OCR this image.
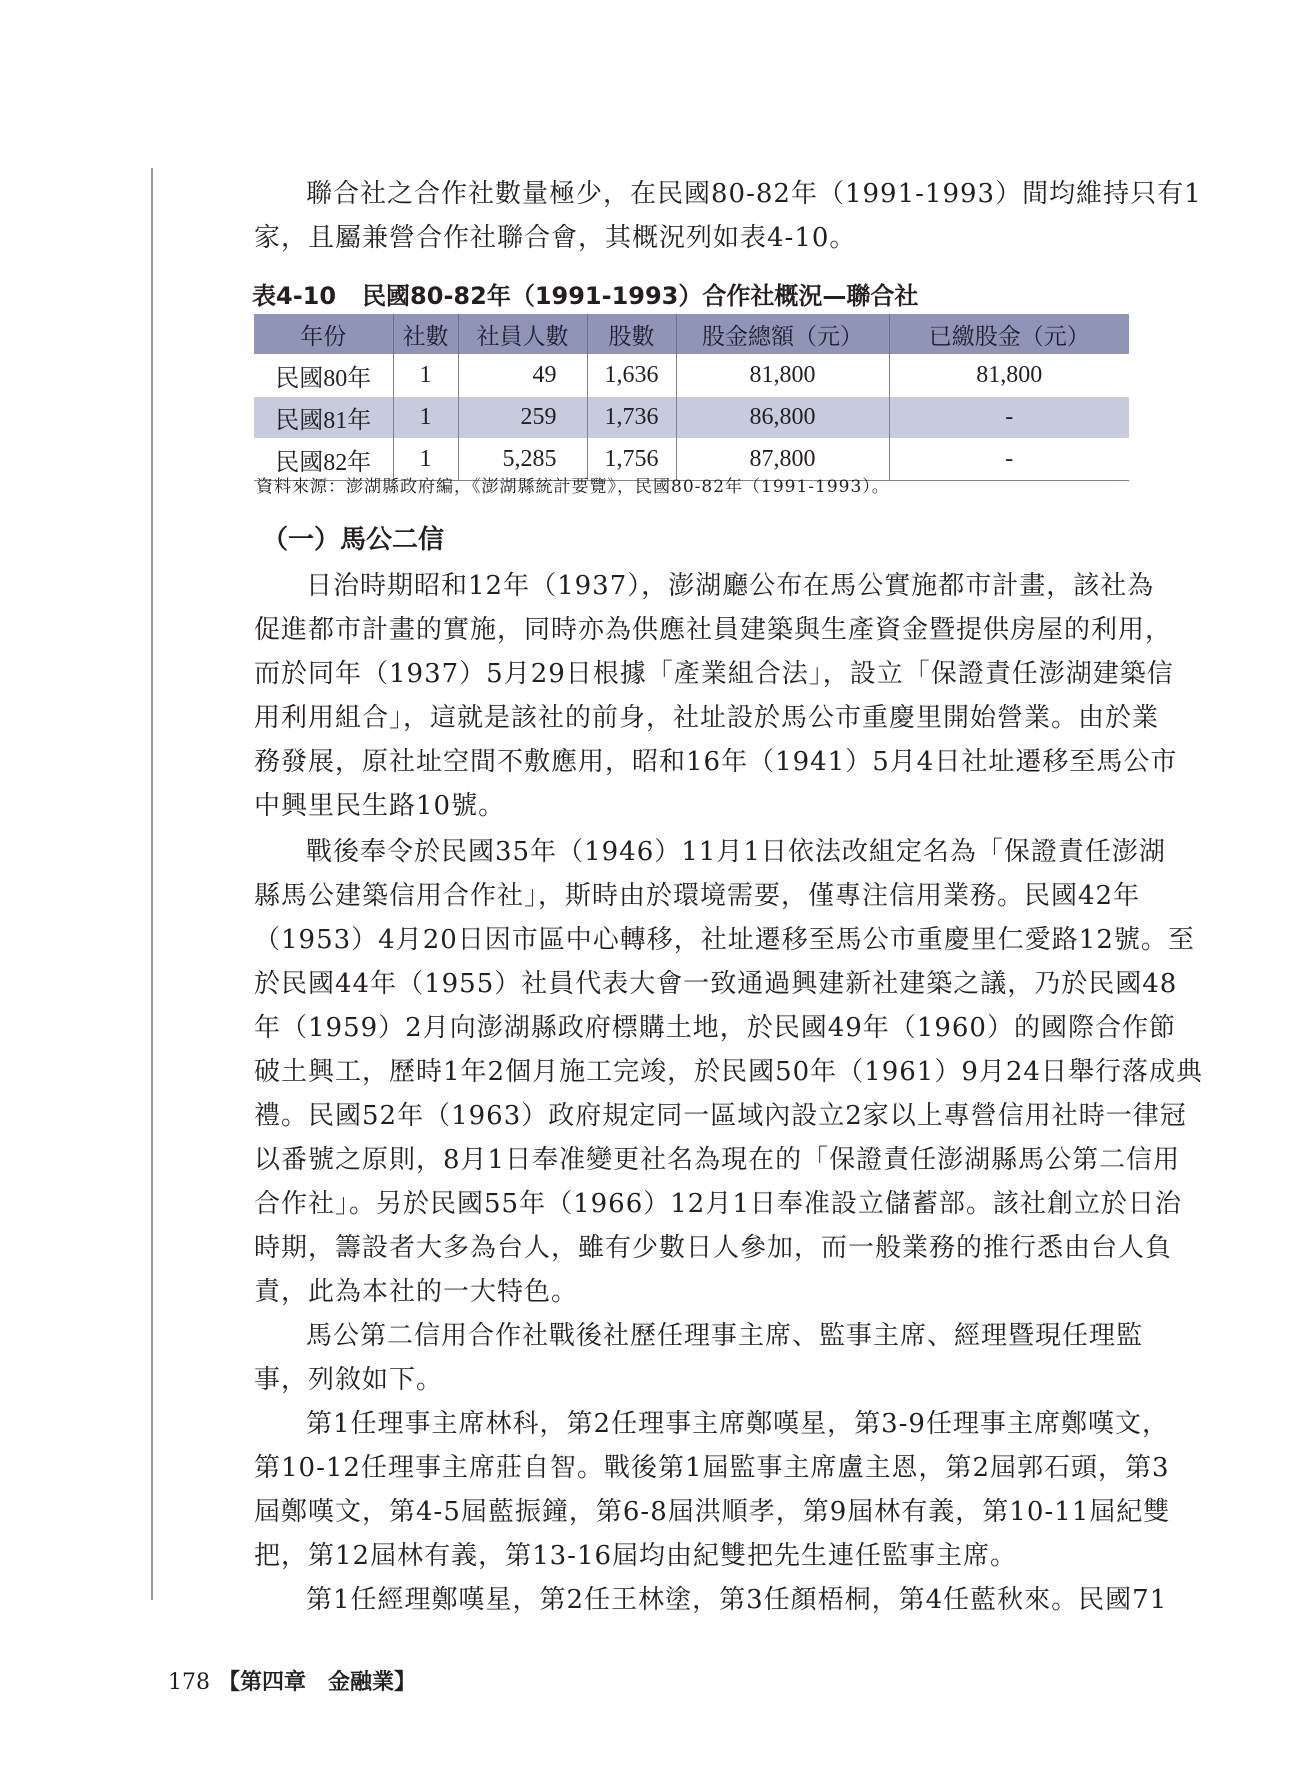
聯合社之合作社數量極少，在民國80-82年（1991-1993）間均維持只有1
家，且屬兼營合作社聯合會，其概況列如表4-10。

表4-10 民國80-82年（1991-1993）合作社概況—聯合社
年份	社數	社員人數	股數	股金總額（元）	已繳股金（元）
民國80年	1	49	1,636	81,800	81,800
民國81年	1	259	1,736	86,800	-
民國82年	1	5,285	1,756	87,800	-
資料來源：澎湖縣政府編，《澎湖縣統計要覽》，民國80-82年（1991-1993）。
（一）馬公二信

日治時期昭和12年（1937），澎湖廳公布在馬公實施都市計畫，該社為
促進都市計畫的實施，同時亦為供應社員建築與生產資金暨提供房屋的利用，
而於同年（1937）5月29日根據「產業組合法」，設立「保證責任澎湖建築信
用利用組合」，這就是該社的前身，社址設於馬公市重慶里開始營業。由於業
務發展，原社址空間不敷應用，昭和16年（1941）5月4日社址遷移至馬公市
中興里民生路10號。

戰後奉令於民國35年（1946）11月1日依法改組定名為「保證責任澎湖
縣馬公建築信用合作社」，斯時由於環境需要，僅專注信用業務。民國42年
（1953）4月20日因市區中心轉移，社址遷移至馬公市重慶里仁愛路12號。至
於民國44年（1955）社員代表大會一致通過興建新社建築之議，乃於民國48
年（1959）2月向澎湖縣政府標購土地，於民國49年（1960）的國際合作節
破土興工，歷時1年2個月施工完竣，於民國50年（1961）9月24日舉行落成典
禮。民國52年（1963）政府規定同一區域內設立2家以上專營信用社時一律冠
以番號之原則，8月1日奉准變更社名為現在的「保證責任澎湖縣馬公第二信用
合作社」。另於民國55年（1966）12月1日奉准設立儲蓄部。該社創立於日治
時期，籌設者大多為台人，雖有少數日人參加，而一般業務的推行悉由台人負
責，此為本社的一大特色。

馬公第二信用合作社戰後社歷任理事主席、監事主席、經理暨現任理監
事，列敘如下。

第1任理事主席林科，第2任理事主席鄭嘆星，第3-9任理事主席鄭嘆文，
第10-12任理事主席莊自智。戰後第1屆監事主席盧主恩，第2屆郭石頭，第3
屆鄭嘆文，第4-5屆藍振鐘，第6-8屆洪順孝，第9屆林有義，第10-11屆紀雙
把，第12屆林有義，第13-16屆均由紀雙把先生連任監事主席。

第1任經理鄭嘆星，第2任王林塗，第3任顏梧桐，第4任藍秋來。民國71

178 【第四章　金融業】
